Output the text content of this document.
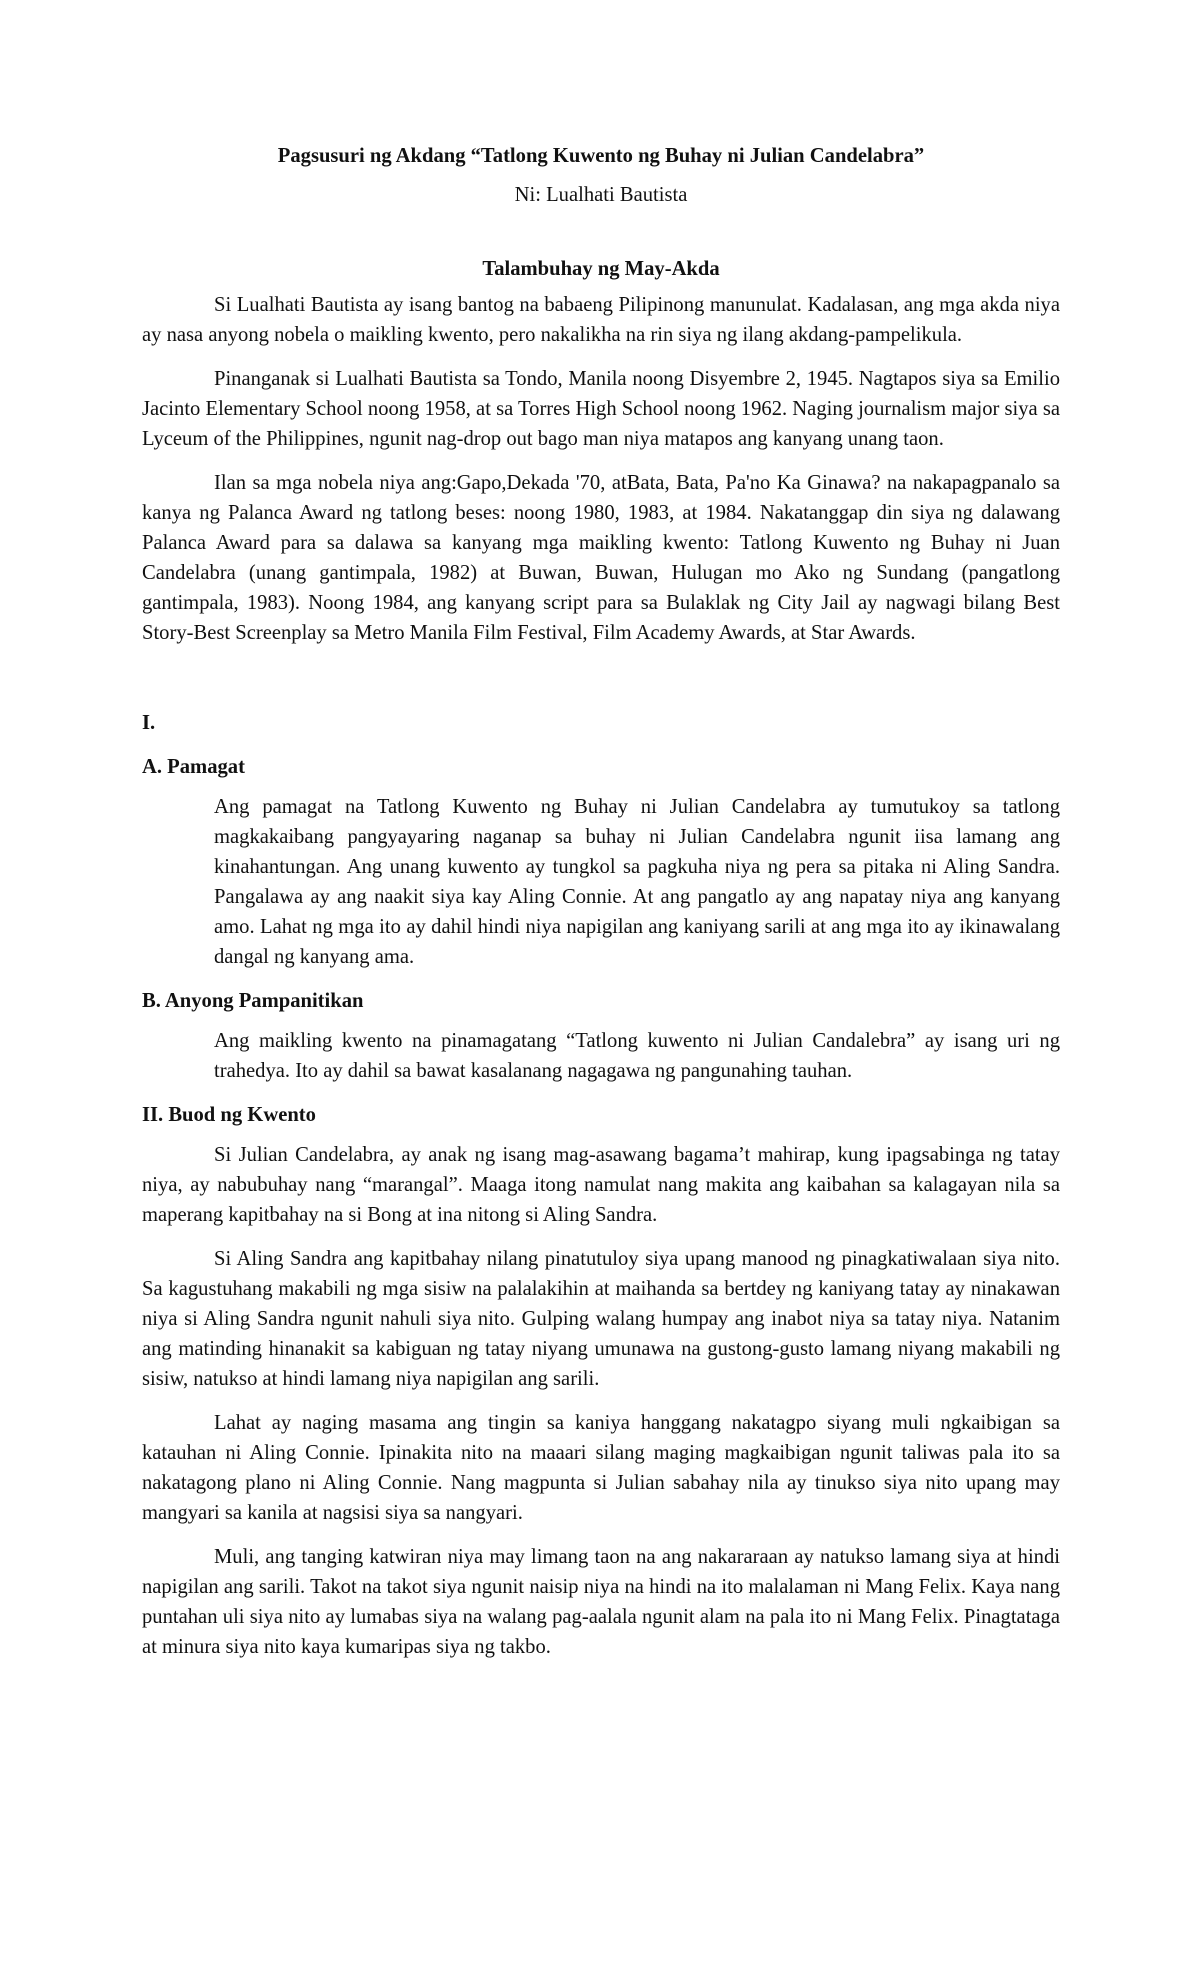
Pagsusuri ng Akdang “Tatlong Kuwento ng Buhay ni Julian Candelabra”

Ni: Lualhati Bautista

Talambuhay ng May-Akda

Si Lualhati Bautista ay isang bantog na babaeng Pilipinong manunulat. Kadalasan, ang mga akda niya ay nasa anyong nobela o maikling kwento, pero nakalikha na rin siya ng ilang akdang-pampelikula.

Pinanganak si Lualhati Bautista sa Tondo, Manila noong Disyembre 2, 1945. Nagtapos siya sa Emilio Jacinto Elementary School noong 1958, at sa Torres High School noong 1962. Naging journalism major siya sa Lyceum of the Philippines, ngunit nag-drop out bago man niya matapos ang kanyang unang taon.

Ilan sa mga nobela niya ang:Gapo,Dekada '70, atBata, Bata, Pa'no Ka Ginawa? na nakapagpanalo sa kanya ng Palanca Award ng tatlong beses: noong 1980, 1983, at 1984. Nakatanggap din siya ng dalawang Palanca Award para sa dalawa sa kanyang mga maikling kwento: Tatlong Kuwento ng Buhay ni Juan Candelabra (unang gantimpala, 1982) at Buwan, Buwan, Hulugan mo Ako ng Sundang (pangatlong gantimpala, 1983). Noong 1984, ang kanyang script para sa Bulaklak ng City Jail ay nagwagi bilang Best Story-Best Screenplay sa Metro Manila Film Festival, Film Academy Awards, at Star Awards.

I.
A. Pamagat

Ang pamagat na Tatlong Kuwento ng Buhay ni Julian Candelabra ay tumutukoy sa tatlong magkakaibang pangyayaring naganap sa buhay ni Julian Candelabra ngunit iisa lamang ang kinahantungan. Ang unang kuwento ay tungkol sa pagkuha niya ng pera sa pitaka ni Aling Sandra. Pangalawa ay ang naakit siya kay Aling Connie. At ang pangatlo ay ang napatay niya ang kanyang amo. Lahat ng mga ito ay dahil hindi niya napigilan ang kaniyang sarili at ang mga ito ay ikinawalang dangal ng kanyang ama.

B. Anyong Pampanitikan

Ang maikling kwento na pinamagatang “Tatlong kuwento ni Julian Candalebra” ay isang uri ng trahedya. Ito ay dahil sa bawat kasalanang nagagawa ng pangunahing tauhan.

II. Buod ng Kwento

Si Julian Candelabra, ay anak ng isang mag-asawang bagama’t mahirap, kung ipagsabinga ng tatay niya, ay nabubuhay nang “marangal”. Maaga itong namulat nang makita ang kaibahan sa kalagayan nila sa maperang kapitbahay na si Bong at ina nitong si Aling Sandra.

Si Aling Sandra ang kapitbahay nilang pinatutuloy siya upang manood ng pinagkatiwalaan siya nito. Sa kagustuhang makabili ng mga sisiw na palalakihin at maihanda sa bertdey ng kaniyang tatay ay ninakawan niya si Aling Sandra ngunit nahuli siya nito. Gulping walang humpay ang inabot niya sa tatay niya. Natanim ang matinding hinanakit sa kabiguan ng tatay niyang umunawa na gustong-gusto lamang niyang makabili ng sisiw, natukso at hindi lamang niya napigilan ang sarili.

Lahat ay naging masama ang tingin sa kaniya hanggang nakatagpo siyang muli ngkaibigan sa katauhan ni Aling Connie. Ipinakita nito na maaari silang maging magkaibigan ngunit taliwas pala ito sa nakatagong plano ni Aling Connie. Nang magpunta si Julian sabahay nila ay tinukso siya nito upang may mangyari sa kanila at nagsisi siya sa nangyari.

Muli, ang tanging katwiran niya may limang taon na ang nakararaan ay natukso lamang siya at hindi napigilan ang sarili. Takot na takot siya ngunit naisip niya na hindi na ito malalaman ni Mang Felix. Kaya nang puntahan uli siya nito ay lumabas siya na walang pag-aalala ngunit alam na pala ito ni Mang Felix. Pinagtataga at minura siya nito kaya kumaripas siya ng takbo.
